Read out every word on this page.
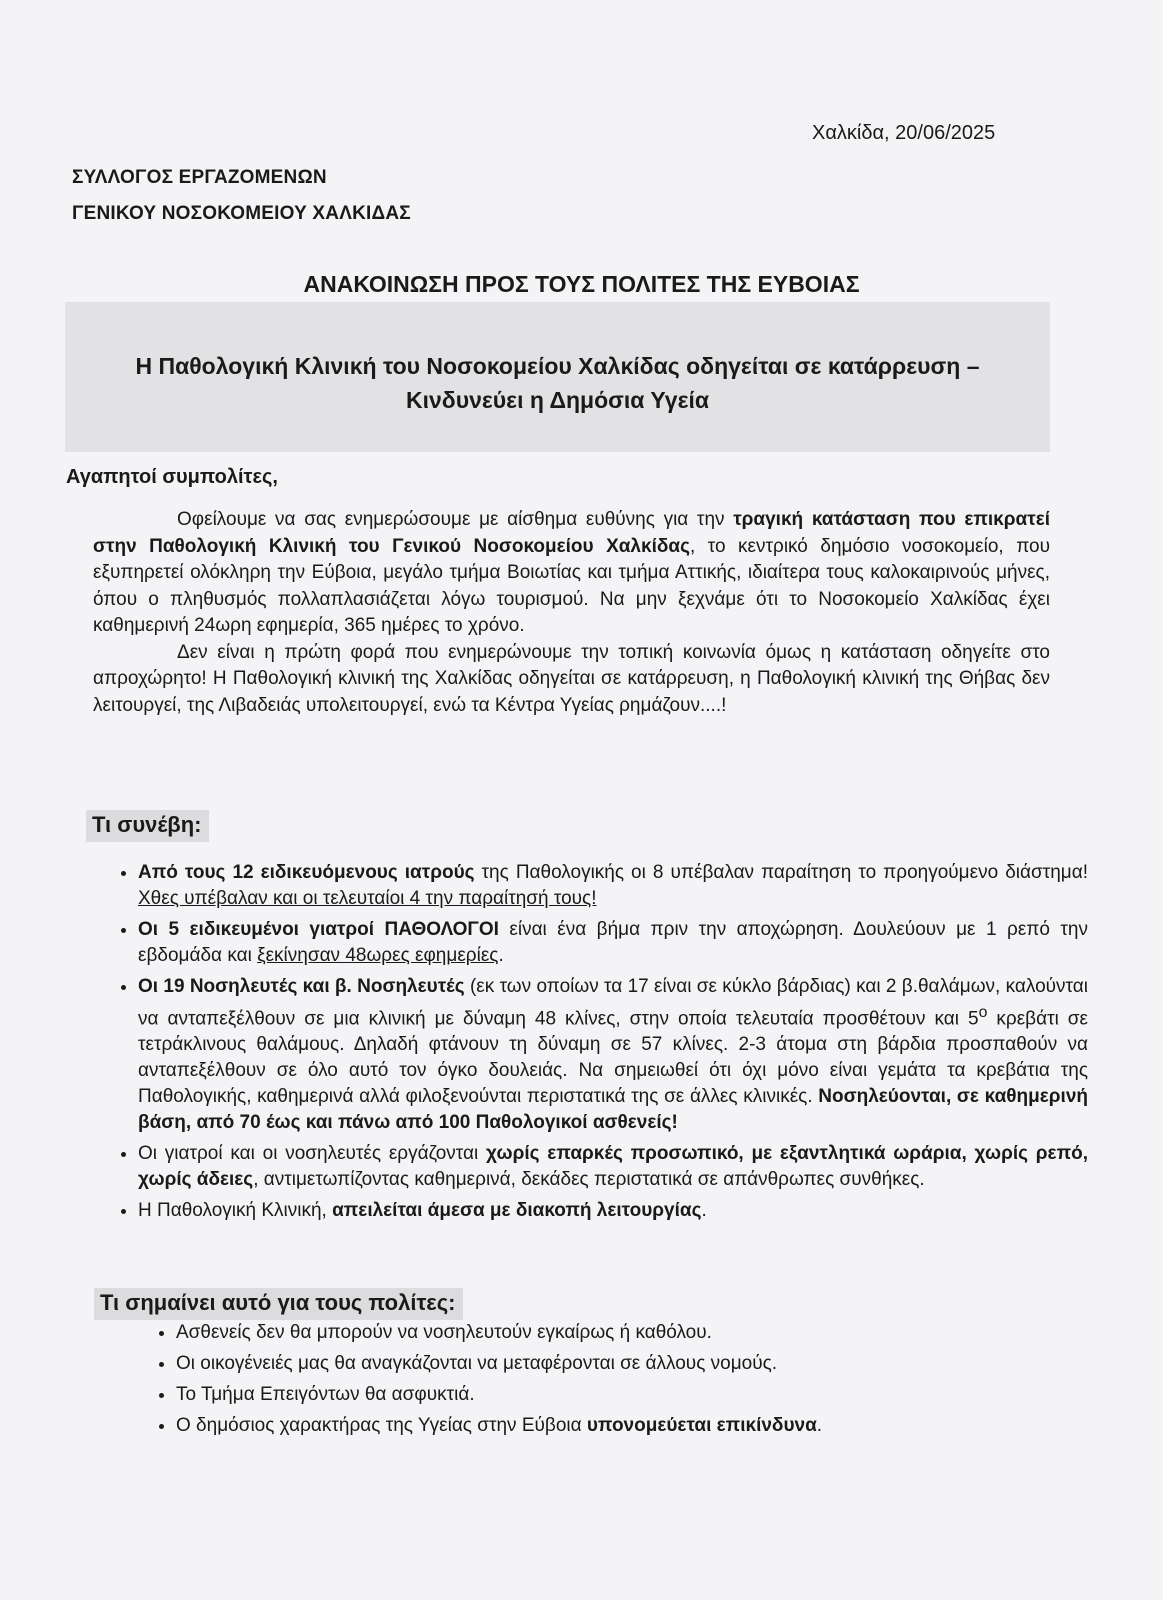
Χαλκίδα, 20/06/2025
ΣΥΛΛΟΓΟΣ ΕΡΓΑΖΟΜΕΝΩΝ
ΓΕΝΙΚΟΥ ΝΟΣΟΚΟΜΕΙΟΥ ΧΑΛΚΙΔΑΣ
ΑΝΑΚΟΙΝΩΣΗ ΠΡΟΣ ΤΟΥΣ ΠΟΛΙΤΕΣ ΤΗΣ ΕΥΒΟΙΑΣ
Η Παθολογική Κλινική του Νοσοκομείου Χαλκίδας οδηγείται σε κατάρρευση –
Κινδυνεύει η Δημόσια Υγεία
Αγαπητοί συμπολίτες,

Οφείλουμε να σας ενημερώσουμε με αίσθημα ευθύνης για την τραγική κατάσταση που επικρατεί στην Παθολογική Κλινική του Γενικού Νοσοκομείου Χαλκίδας, το κεντρικό δημόσιο νοσοκομείο, που εξυπηρετεί ολόκληρη την Εύβοια, μεγάλο τμήμα Βοιωτίας και τμήμα Αττικής, ιδιαίτερα τους καλοκαιρινούς μήνες, όπου ο πληθυσμός πολλαπλασιάζεται λόγω τουρισμού. Να μην ξεχνάμε ότι το Νοσοκομείο Χαλκίδας έχει καθημερινή 24ωρη εφημερία, 365 ημέρες το χρόνο.

Δεν είναι η πρώτη φορά που ενημερώνουμε την τοπική κοινωνία όμως η κατάσταση οδηγείτε στο απροχώρητο! Η Παθολογική κλινική της Χαλκίδας οδηγείται σε κατάρρευση, η Παθολογική κλινική της Θήβας δεν λειτουργεί, της Λιβαδειάς υπολειτουργεί, ενώ τα Κέντρα Υγείας ρημάζουν....!

Τι συνέβη:
• Από τους 12 ειδικευόμενους ιατρούς της Παθολογικής οι 8 υπέβαλαν παραίτηση το προηγούμενο διάστημα! Χθες υπέβαλαν και οι τελευταίοι 4 την παραίτησή τους!
• Οι 5 ειδικευμένοι γιατροί ΠΑΘΟΛΟΓΟΙ είναι ένα βήμα πριν την αποχώρηση. Δουλεύουν με 1 ρεπό την εβδομάδα και ξεκίνησαν 48ωρες εφημερίες.
• Οι 19 Νοσηλευτές και β. Νοσηλευτές (εκ των οποίων τα 17 είναι σε κύκλο βάρδιας) και 2 β.θαλάμων, καλούνται να ανταπεξέλθουν σε μια κλινική με δύναμη 48 κλίνες, στην οποία τελευταία προσθέτουν και $5^o$ κρεβάτι σε τετράκλινους θαλάμους. Δηλαδή φτάνουν τη δύναμη σε 57 κλίνες. 2-3 άτομα στη βάρδια προσπαθούν να ανταπεξέλθουν σε όλο αυτό τον όγκο δουλειάς. Να σημειωθεί ότι όχι μόνο είναι γεμάτα τα κρεβάτια της Παθολογικής, καθημερινά αλλά φιλοξενούνται περιστατικά της σε άλλες κλινικές. Νοσηλεύονται, σε καθημερινή βάση, από 70 έως και πάνω από 100 Παθολογικοί ασθενείς!
• Οι γιατροί και οι νοσηλευτές εργάζονται χωρίς επαρκές προσωπικό, με εξαντλητικά ωράρια, χωρίς ρεπό, χωρίς άδειες, αντιμετωπίζοντας καθημερινά, δεκάδες περιστατικά σε απάνθρωπες συνθήκες.
• Η Παθολογική Κλινική, απειλείται άμεσα με διακοπή λειτουργίας.
Τι σημαίνει αυτό για τους πολίτες:
• Ασθενείς δεν θα μπορούν να νοσηλευτούν εγκαίρως ή καθόλου.
• Οι οικογένειές μας θα αναγκάζονται να μεταφέρονται σε άλλους νομούς.
• Το Τμήμα Επειγόντων θα ασφυκτιά.
• Ο δημόσιος χαρακτήρας της Υγείας στην Εύβοια υπονομεύεται επικίνδυνα.
